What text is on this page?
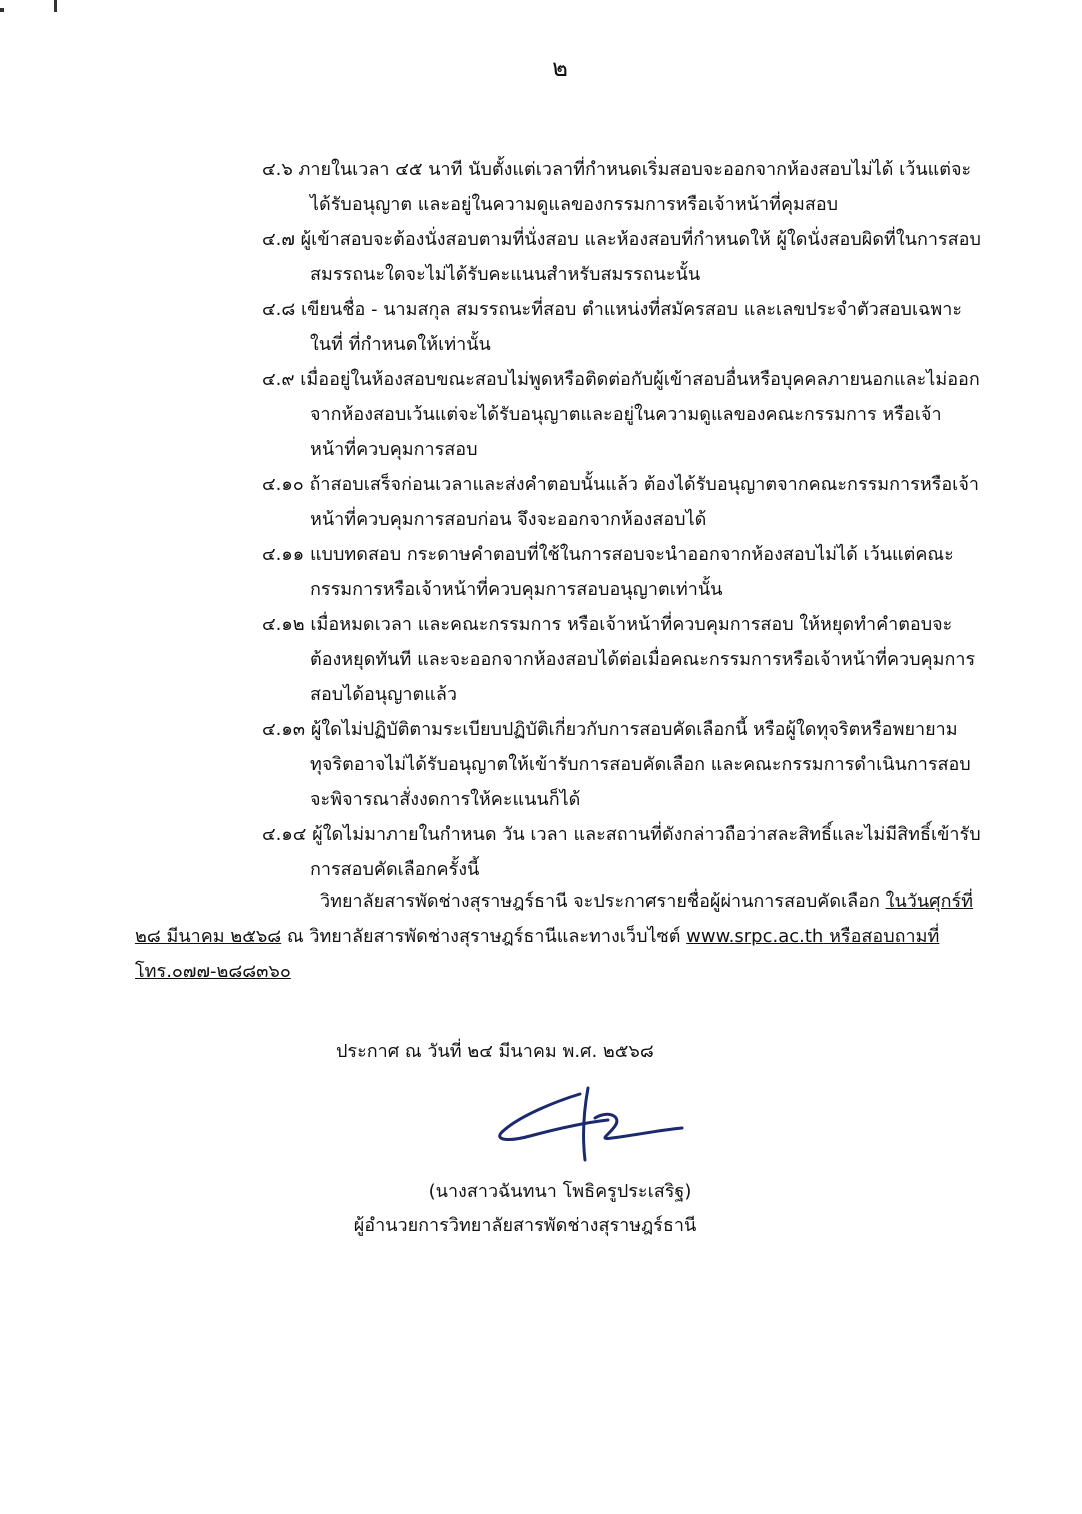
๒
๔.๖ ภายในเวลา ๔๕ นาที นับตั้งแต่เวลาที่กำหนดเริ่มสอบจะออกจากห้องสอบไม่ได้ เว้นแต่จะได้รับอนุญาต และอยู่ในความดูแลของกรรมการหรือเจ้าหน้าที่คุมสอบ
๔.๗ ผู้เข้าสอบจะต้องนั่งสอบตามที่นั่งสอบ และห้องสอบที่กำหนดให้ ผู้ใดนั่งสอบผิดที่ในการสอบสมรรถนะใดจะไม่ได้รับคะแนนสำหรับสมรรถนะนั้น
๔.๘ เขียนชื่อ - นามสกุล สมรรถนะที่สอบ ตำแหน่งที่สมัครสอบ และเลขประจำตัวสอบเฉพาะในที่ ที่กำหนดให้เท่านั้น
๔.๙ เมื่ออยู่ในห้องสอบขณะสอบไม่พูดหรือติดต่อกับผู้เข้าสอบอื่นหรือบุคคลภายนอกและไม่ออกจากห้องสอบเว้นแต่จะได้รับอนุญาตและอยู่ในความดูแลของคณะกรรมการ หรือเจ้าหน้าที่ควบคุมการสอบ
๔.๑๐ ถ้าสอบเสร็จก่อนเวลาและส่งคำตอบนั้นแล้ว ต้องได้รับอนุญาตจากคณะกรรมการหรือเจ้าหน้าที่ควบคุมการสอบก่อน จึงจะออกจากห้องสอบได้
๔.๑๑ แบบทดสอบ กระดาษคำตอบที่ใช้ในการสอบจะนำออกจากห้องสอบไม่ได้ เว้นแต่คณะกรรมการหรือเจ้าหน้าที่ควบคุมการสอบอนุญาตเท่านั้น
๔.๑๒ เมื่อหมดเวลา และคณะกรรมการ หรือเจ้าหน้าที่ควบคุมการสอบ ให้หยุดทำคำตอบจะต้องหยุดทันที และจะออกจากห้องสอบได้ต่อเมื่อคณะกรรมการหรือเจ้าหน้าที่ควบคุมการสอบได้อนุญาตแล้ว
๔.๑๓ ผู้ใดไม่ปฏิบัติตามระเบียบปฏิบัติเกี่ยวกับการสอบคัดเลือกนี้ หรือผู้ใดทุจริตหรือพยายามทุจริตอาจไม่ได้รับอนุญาตให้เข้ารับการสอบคัดเลือก และคณะกรรมการดำเนินการสอบจะพิจารณาสั่งงดการให้คะแนนก็ได้
๔.๑๔ ผู้ใดไม่มาภายในกำหนด วัน เวลา และสถานที่ดังกล่าวถือว่าสละสิทธิ์และไม่มีสิทธิ์เข้ารับการสอบคัดเลือกครั้งนี้

วิทยาลัยสารพัดช่างสุราษฎร์ธานี จะประกาศรายชื่อผู้ผ่านการสอบคัดเลือก ในวันศุกร์ที่ ๒๘ มีนาคม ๒๕๖๘ ณ วิทยาลัยสารพัดช่างสุราษฎร์ธานีและทางเว็บไซต์ www.srpc.ac.th หรือสอบถามที่ โทร.๐๗๗-๒๘๘๓๖๐

ประกาศ ณ วันที่ ๒๔ มีนาคม พ.ศ. ๒๕๖๘
(นางสาวฉันทนา โพธิครูประเสริฐ)
ผู้อำนวยการวิทยาลัยสารพัดช่างสุราษฎร์ธานี
